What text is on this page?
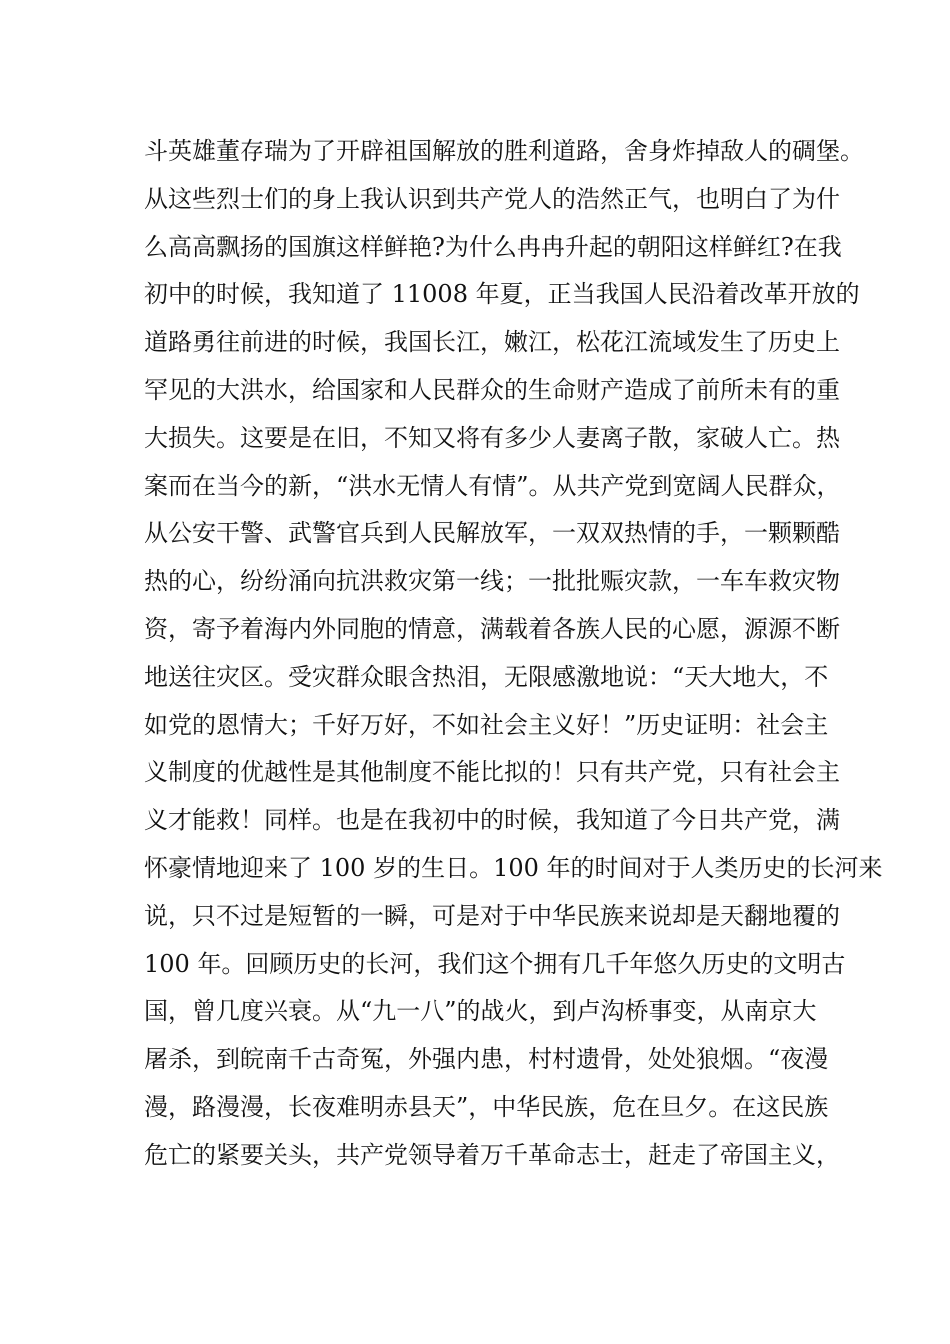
斗英雄董存瑞为了开辟祖国解放的胜利道路，舍身炸掉敌人的碉堡。
从这些烈士们的身上我认识到共产党人的浩然正气，也明白了为什
么高高飘扬的国旗这样鲜艳?为什么冉冉升起的朝阳这样鲜红?在我
初中的时候，我知道了 11008 年夏，正当我国人民沿着改革开放的
道路勇往前进的时候，我国长江，嫩江，松花江流域发生了历史上
罕见的大洪水，给国家和人民群众的生命财产造成了前所未有的重
大损失。这要是在旧，不知又将有多少人妻离子散，家破人亡。热
案而在当今的新，“洪水无情人有情”。从共产党到宽阔人民群众，
从公安干警、武警官兵到人民解放军，一双双热情的手，一颗颗酷
热的心，纷纷涌向抗洪救灾第一线；一批批赈灾款，一车车救灾物
资，寄予着海内外同胞的情意，满载着各族人民的心愿，源源不断
地送往灾区。受灾群众眼含热泪，无限感激地说：“天大地大，不
如党的恩情大；千好万好，不如社会主义好！”历史证明：社会主
义制度的优越性是其他制度不能比拟的！只有共产党，只有社会主
义才能救！同样。也是在我初中的时候，我知道了今日共产党，满
怀豪情地迎来了 100 岁的生日。100 年的时间对于人类历史的长河来
说，只不过是短暂的一瞬，可是对于中华民族来说却是天翻地覆的
100 年。回顾历史的长河，我们这个拥有几千年悠久历史的文明古
国，曾几度兴衰。从“九一八”的战火，到卢沟桥事变，从南京大
屠杀，到皖南千古奇冤，外强内患，村村遗骨，处处狼烟。“夜漫
漫，路漫漫，长夜难明赤县天”，中华民族，危在旦夕。在这民族
危亡的紧要关头，共产党领导着万千革命志士，赶走了帝国主义，
